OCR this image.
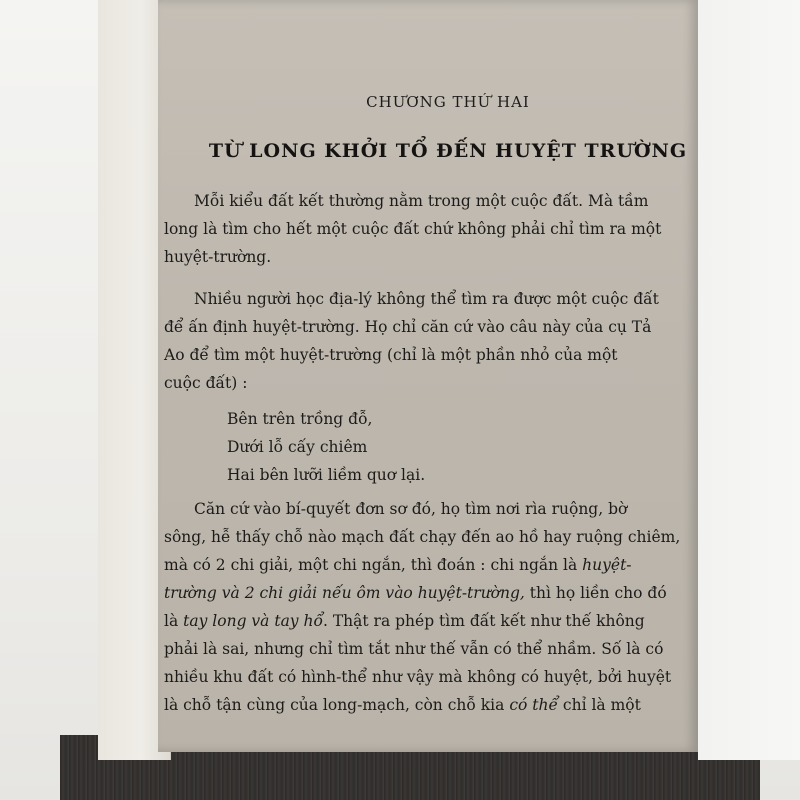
CHƯƠNG THỨ HAI
TỪ LONG KHỞI TỔ ĐẾN HUYỆT TRƯỜNG
Mỗi kiểu đất kết thường nằm trong một cuộc đất. Mà tầm
long là tìm cho hết một cuộc đất chứ không phải chỉ tìm ra một
huyệt-trường.
Nhiều người học địa-lý không thể tìm ra được một cuộc đất
để ấn định huyệt-trường. Họ chỉ căn cứ vào câu này của cụ Tả
Ao để tìm một huyệt-trường (chỉ là một phần nhỏ của một
cuộc đất) :
Bên trên trồng đỗ,
Dưới lỗ cấy chiêm
Hai bên lưỡi liềm quơ lại.
Căn cứ vào bí-quyết đơn sơ đó, họ tìm nơi rìa ruộng, bờ
sông, hễ thấy chỗ nào mạch đất chạy đến ao hồ hay ruộng chiêm,
mà có 2 chi giải, một chi ngắn, thì đoán : chi ngắn là huyệt-
trường và 2 chi giải nếu ôm vào huyệt-trường, thì họ liền cho đó
là tay long và tay hổ. Thật ra phép tìm đất kết như thế không
phải là sai, nhưng chỉ tìm tắt như thế vẫn có thể nhầm. Số là có
nhiều khu đất có hình-thể như vậy mà không có huyệt, bởi huyệt
là chỗ tận cùng của long-mạch, còn chỗ kia có thể chỉ là một
